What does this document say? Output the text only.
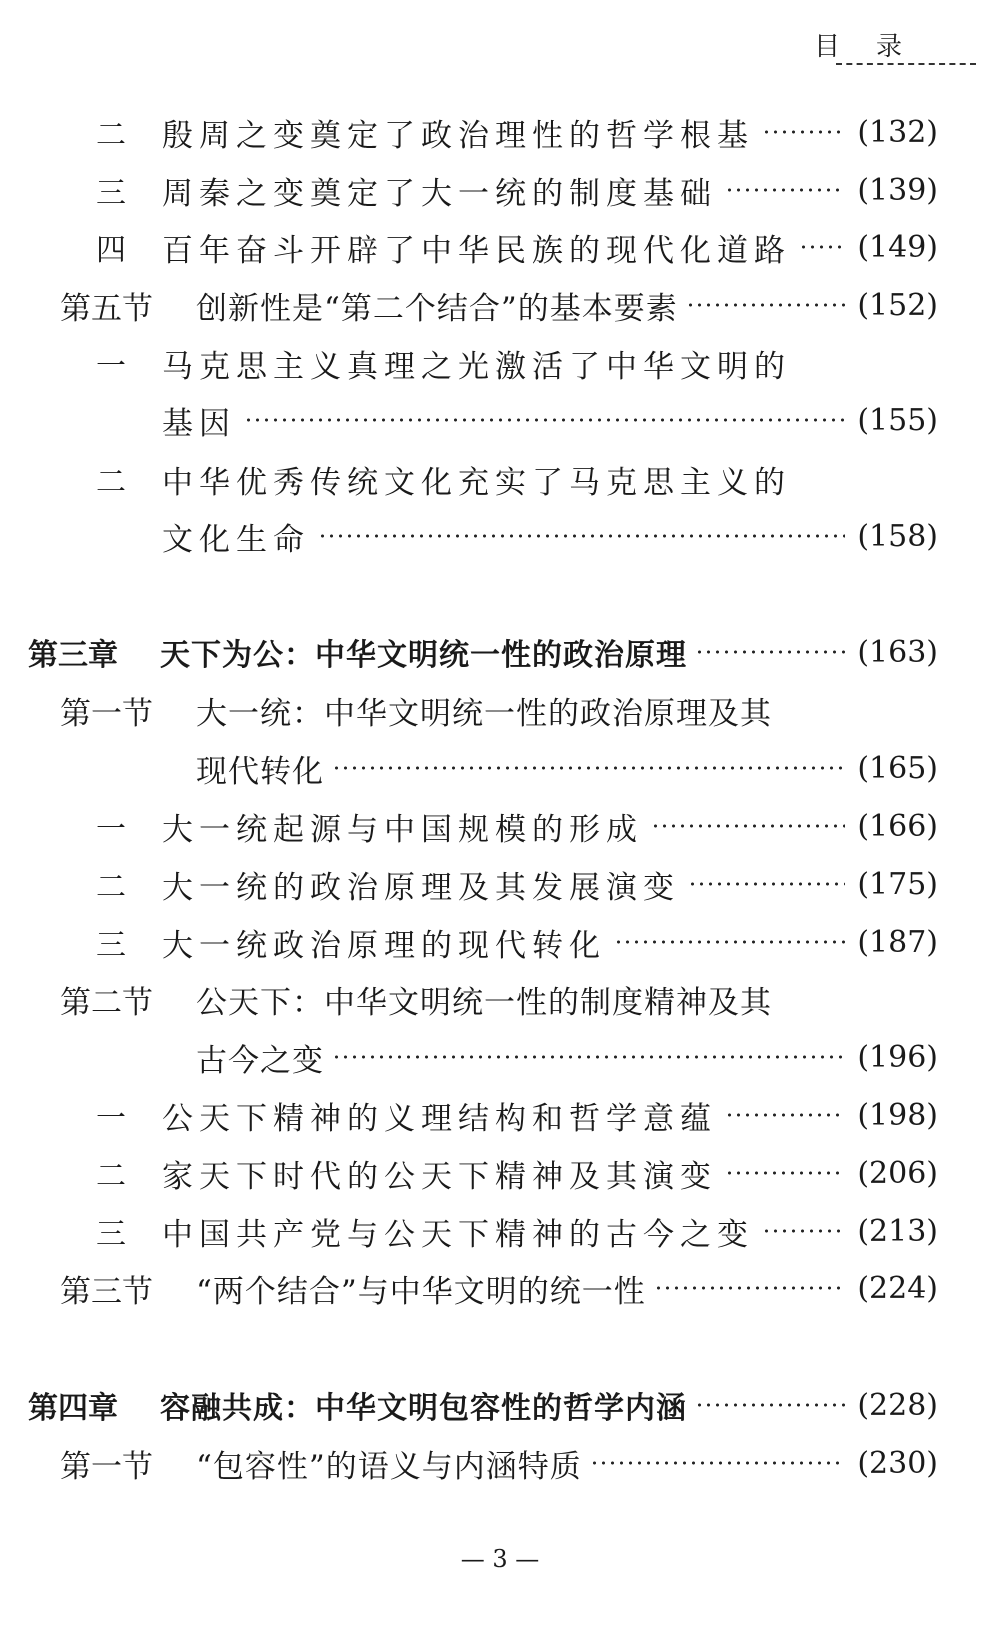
目录
二	殷周之变奠定了政治理性的哲学根基	(132)
三	周秦之变奠定了大一统的制度基础	(139)
四	百年奋斗开辟了中华民族的现代化道路 (149)
第五节	创新性是“第二个结合”的基本要素	(152)
一	马克思主义真理之光激活了中华文明的
基因	(155)
二	中华优秀传统文化充实了马克思主义的
文化生命	(158)
第三章	天下为公：中华文明统一性的政治原理	(163)
第一节	大一统：中华文明统一性的政治原理及其
现代转化	(165)
一	大一统起源与中国规模的形成	(166)
二	大一统的政治原理及其发展演变	(175)
三	大一统政治原理的现代转化	(187)
第二节	公天下：中华文明统一性的制度精神及其
古今之变	(196)
一	公天下精神的义理结构和哲学意蕴	(198)
二	家天下时代的公天下精神及其演变	(206)
三	中国共产党与公天下精神的古今之变	(213)
第三节	“两个结合”与中华文明的统一性	(224)
第四章	容融共成：中华文明包容性的哲学内涵	(228)
第一节	“包容性”的语义与内涵特质	(230)
— 3 —
